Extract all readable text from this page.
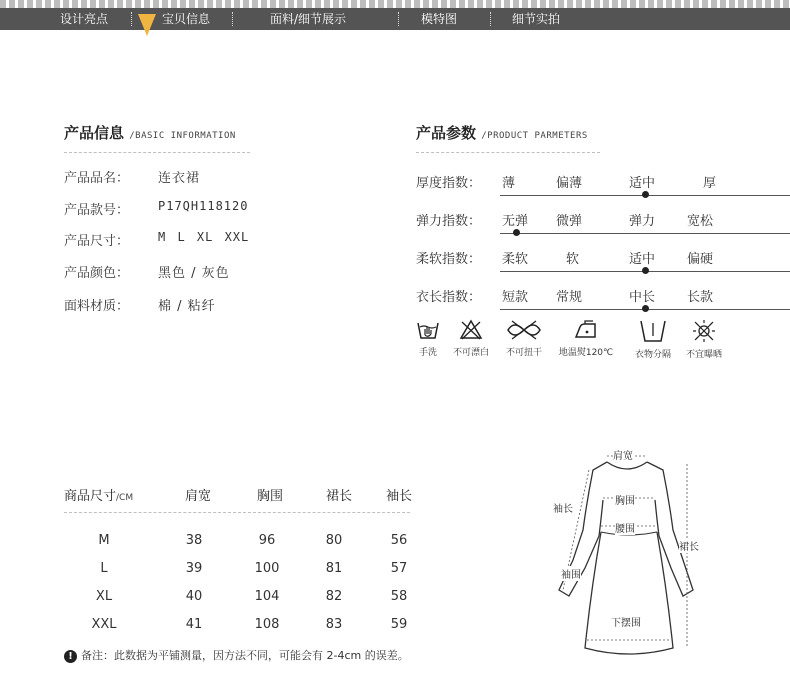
设计亮点	宝贝信息	面料/细节展示	模特图	细节实拍
产品信息 /BASIC INFORMATION
产品品名： 连衣裙
产品款号： P17QH118120
产品尺寸： M L XL XXL
产品颜色： 黑色 / 灰色
面料材质： 棉 / 粘纤
产品参数 /PRODUCT PARMETERS
厚度指数： 薄	偏薄	适中	厚
弹力指数： 无弹 微弹	弹力 宽松
柔软指数： 柔软	软	适中 偏硬
衣长指数： 短款 常规	中长 长款
手洗	不可漂白	不可扭干	地温熨120℃	衣物分隔	不宜曝晒
商品尺寸/CM	肩宽	胸围	裙长	袖长
M	38	96	80	56
L	39	100	81	57
XL	40	104	82	58
XXL	41	108	83	59
! 备注：此数据为平铺测量，因方法不同，可能会有 2-4cm 的误差。
肩宽
胸围
腰围
袖长
裙长
袖围
下摆围
